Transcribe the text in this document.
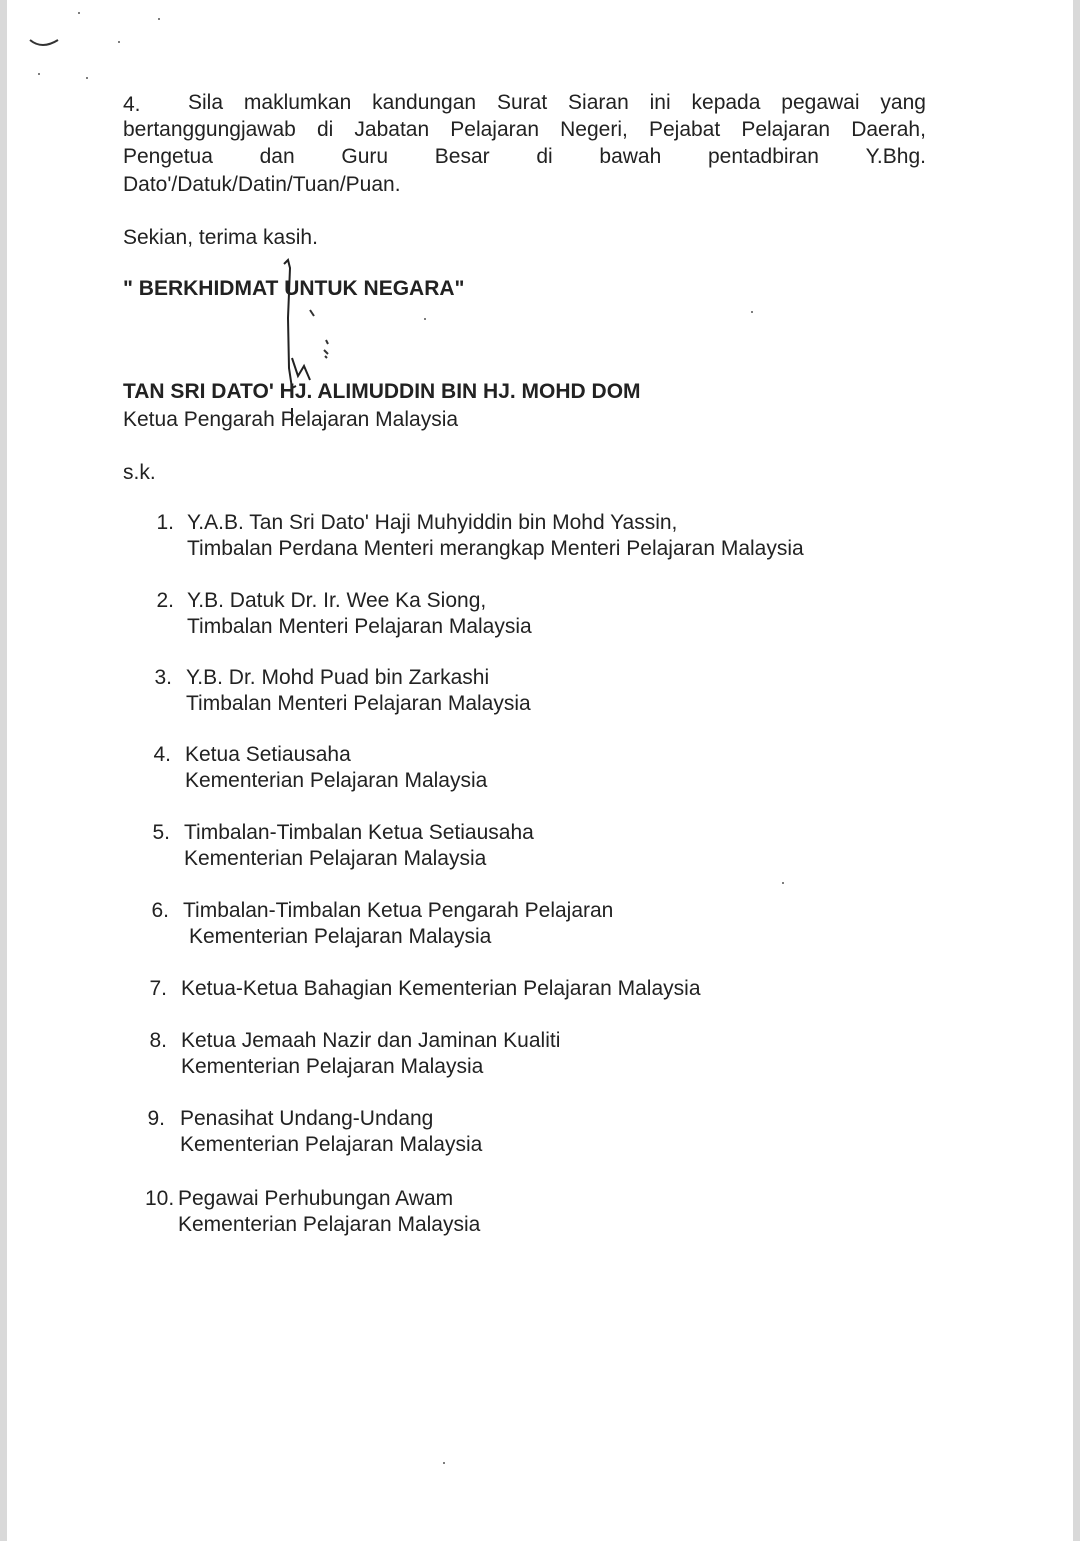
4. Sila maklumkan kandungan Surat Siaran ini kepada pegawai yang
bertanggungjawab di Jabatan Pelajaran Negeri, Pejabat Pelajaran Daerah,
Pengetua dan Guru Besar di bawah pentadbiran Y.Bhg.
Dato'/Datuk/Datin/Tuan/Puan.
Sekian, terima kasih.
" BERKHIDMAT UNTUK NEGARA"
TAN SRI DATO' HJ. ALIMUDDIN BIN HJ. MOHD DOM
Ketua Pengarah Pelajaran Malaysia
s.k.
1. Y.A.B. Tan Sri Dato' Haji Muhyiddin bin Mohd Yassin,
Timbalan Perdana Menteri merangkap Menteri Pelajaran Malaysia
2. Y.B. Datuk Dr. Ir. Wee Ka Siong,
Timbalan Menteri Pelajaran Malaysia
3. Y.B. Dr. Mohd Puad bin Zarkashi
Timbalan Menteri Pelajaran Malaysia
4. Ketua Setiausaha
Kementerian Pelajaran Malaysia
5. Timbalan-Timbalan Ketua Setiausaha
Kementerian Pelajaran Malaysia
6. Timbalan-Timbalan Ketua Pengarah Pelajaran
Kementerian Pelajaran Malaysia
7. Ketua-Ketua Bahagian Kementerian Pelajaran Malaysia
8. Ketua Jemaah Nazir dan Jaminan Kualiti
Kementerian Pelajaran Malaysia
9. Penasihat Undang-Undang
Kementerian Pelajaran Malaysia
10. Pegawai Perhubungan Awam
Kementerian Pelajaran Malaysia
